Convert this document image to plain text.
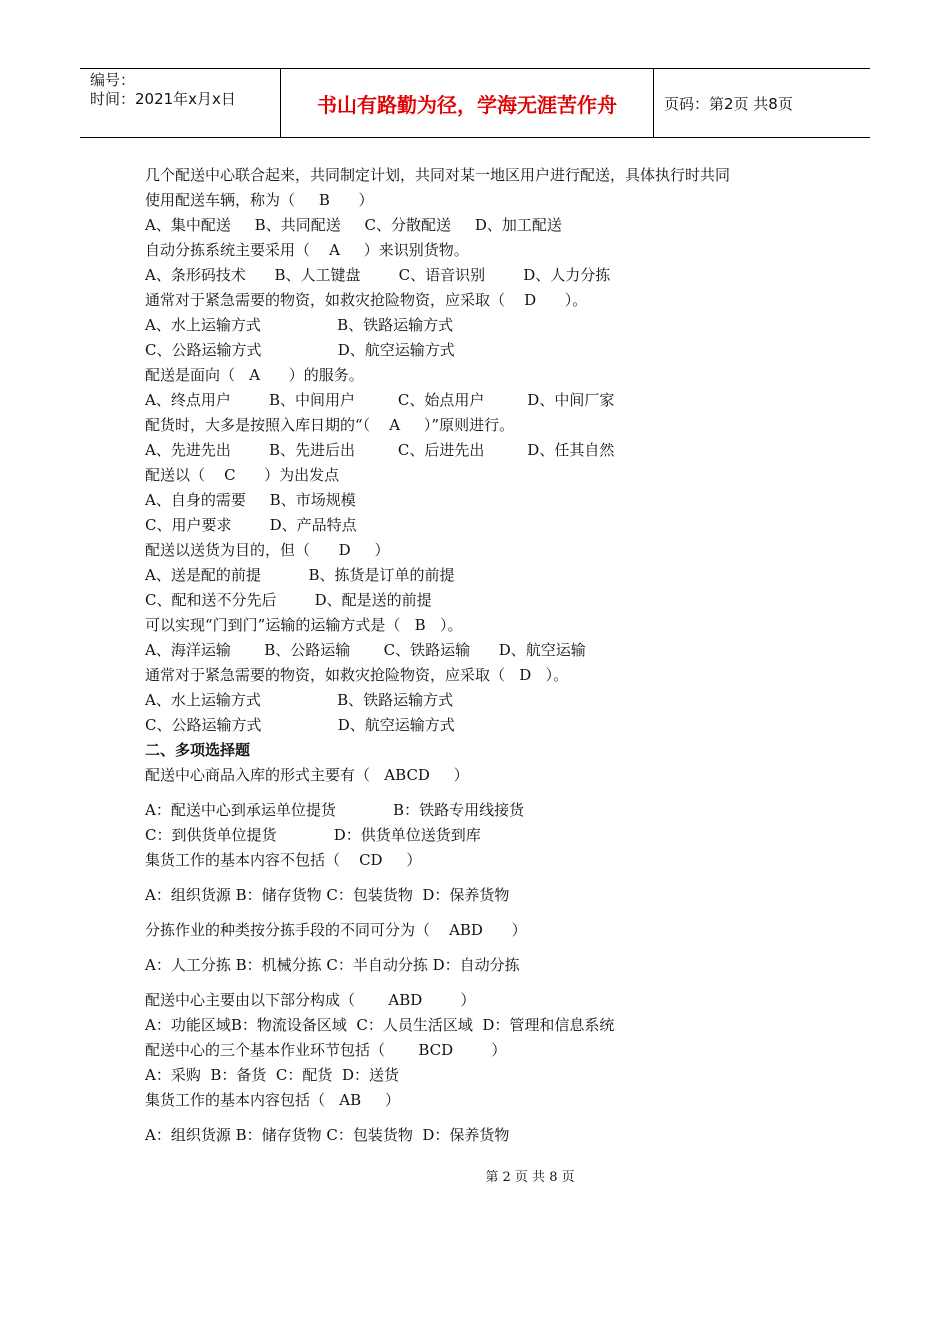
编号：
时间：2021年x月x日	书山有路勤为径，学海无涯苦作舟	页码：第2页 共8页
几个配送中心联合起来，共同制定计划，共同对某一地区用户进行配送，具体执行时共同
使用配送车辆，称为（     B      ）
A、集中配送     B、共同配送     C、分散配送     D、加工配送
自动分拣系统主要采用（    A     ）来识别货物。
A、条形码技术      B、人工键盘        C、语音识别        D、人力分拣
通常对于紧急需要的物资，如救灾抢险物资，应采取（    D      ）。
A、水上运输方式                B、铁路运输方式
C、公路运输方式                D、航空运输方式
配送是面向（   A      ）的服务。
A、终点用户        B、中间用户         C、始点用户         D、中间厂家
配货时，大多是按照入库日期的“（    A     ）”原则进行。
A、先进先出        B、先进后出         C、后进先出         D、任其自然
配送以（    C      ）为出发点
A、自身的需要     B、市场规模
C、用户要求        D、产品特点
配送以送货为目的，但（      D     ）
A、送是配的前提          B、拣货是订单的前提
C、配和送不分先后        D、配是送的前提
可以实现“门到门”运输的运输方式是（   B   ）。
A、海洋运输       B、公路运输       C、铁路运输      D、航空运输
通常对于紧急需要的物资，如救灾抢险物资，应采取（   D   ）。
A、水上运输方式                B、铁路运输方式
C、公路运输方式                D、航空运输方式
二、多项选择题
配送中心商品入库的形式主要有（   ABCD     ）
A：配送中心到承运单位提货            B：铁路专用线接货
C：到供货单位提货            D：供货单位送货到库
集货工作的基本内容不包括（    CD     ）
A：组织货源 B：储存货物 C：包装货物  D：保养货物
分拣作业的种类按分拣手段的不同可分为（    ABD      ）
A：人工分拣 B：机械分拣 C：半自动分拣 D：自动分拣
配送中心主要由以下部分构成（       ABD        ）
A：功能区域B：物流设备区域  C：人员生活区域  D：管理和信息系统
配送中心的三个基本作业环节包括（       BCD        ）
A：采购  B：备货  C：配货  D：送货
集货工作的基本内容包括（   AB     ）
A：组织货源 B：储存货物 C：包装货物  D：保养货物
第 2 页 共 8 页
